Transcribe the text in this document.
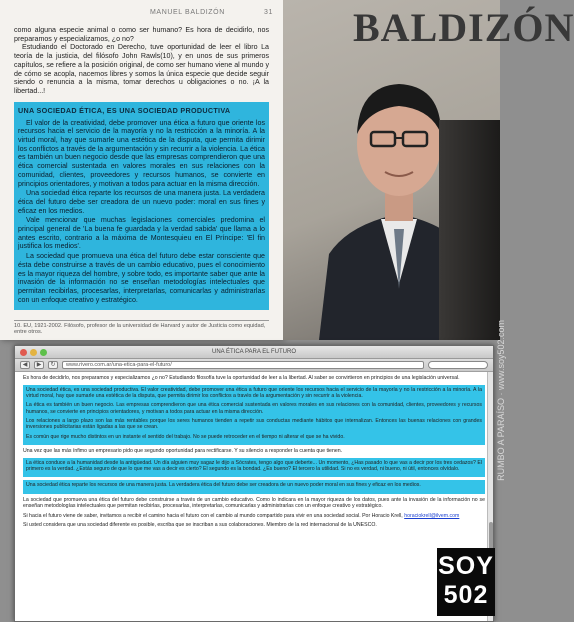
MANUEL BALDIZÓN	31

como alguna especie animal o como ser humano? Es hora de decidirlo, nos preparamos y especializamos, ¿o no?

Estudiando el Doctorado en Derecho, tuve oportunidad de leer el libro La teoría de la justicia, del filósofo John Rawls(10), y en unos de sus primeros capítulos, se refiere a la posición original, de como ser humano viene al mundo y de cómo se acopla, nacemos libres y somos la única especie que decide seguir siendo o renuncia a la misma, tomar derechos u obligaciones o no. ¡A la libertad...!

UNA SOCIEDAD ÉTICA, ES UNA SOCIEDAD PRODUCTIVA

El valor de la creatividad, debe promover una ética a futuro que oriente los recursos hacia el servicio de la mayoría y no la restricción a la minoría. A la virtud moral, hay que sumarle una estética de la disputa, que permita dirimir los conflictos a través de la argumentación y sin recurrir a la violencia. La ética es también un buen negocio desde que las empresas comprendieron que una ética comercial sustentada en valores morales en sus relaciones con la comunidad, clientes, proveedores y recursos humanos, se convierte en principios orientadores, y motivan a todos para actuar en la misma dirección.

Una sociedad ética reparte los recursos de una manera justa. La verdadera ética del futuro debe ser creadora de un nuevo poder: moral en sus fines y eficaz en los medios.

Vale mencionar que muchas legislaciones comerciales predomina el principal general de 'La buena fe guardada y la verdad sabida' que llama a lo antes escrito, contrario a la máxima de Montesquieu en El Príncipe: 'El fin justifica los medios'.

La sociedad que promueva una ética del futuro debe estar consciente que ésta debe construirse a través de un cambio educativo, pues el conocimiento es la mayor riqueza del hombre, y sobre todo, es importante saber que ante la invasión de la información no se enseñan metodologías intelectuales que permitan recibirlas, procesarlas, interpretarlas, comunicarlas y administrarlas con un enfoque creativo y estratégico.

10. EU, 1921-2002. Filósofo, profesor de la universidad de Harvard y autor de Justicia como equidad, entre otros.
BALDIZÓN
RUMBO A PARAÍSO · www.soy502.com
UNA ÉTICA PARA EL FUTURO
◀	▶	↻	www.rivero.com.ar/una-etica-para-el-futuro/

Es hora de decidirlo, nos preparamos y especializamos ¿o no? Estudiando filosofía tuve la oportunidad de leer a la libertad. Al saber se convirtieron en principios de una legislación universal.

Una sociedad ética, es una sociedad productiva. El valor creatividad, debe promover una ética a futuro que oriente los recursos hacia el servicio de la mayoría y no la restricción a la minoría. A la virtud moral, hay que sumarle una estética de la disputa, que permita dirimir los conflictos a través de la argumentación y sin recurrir a la violencia.

La ética es también un buen negocio. Las empresas comprendieron que una ética comercial sustentada en valores morales en sus relaciones con la comunidad, clientes, proveedores y recursos humanos, se convierte en principios orientadores, y motivan a todos para actuar en la misma dirección.

Los relaciones a largo plazo son las más rentables porque los seres humanos tienden a repetir sus conductas mediante hábitos que internalizan. Entonces las buenas relaciones con grandes inversiones publicitarias están ligadas a las que se crean.

Es común que rige mucho distintos en un instante el sentido del trabajo. No se puede retroceder en el tiempo ni alterar el que se ha vivido.

Una vez que las más ínfimo un empresario pido que segundo oportunidad para rectificarse. Y su silencio a responder la cuenta que tienen.

La ética conduce a la humanidad desde la antigüedad. Un día alguien muy sagaz le dijo a Sócrates, tengo algo que deberte... Un momento, ¿Has pasado lo que vas a decir por los tres cedazos? El primero es la verdad. ¿Estás seguro de que lo que me vas a decir es cierto? El segundo es la bondad. ¿Es bueno? El tercero la utilidad. Si no es verdad, ni bueno, ni útil, entonces olvídalo.

Una sociedad ética reparte los recursos de una manera justa. La verdadera ética del futuro debe ser creadora de un nuevo poder moral en sus fines y eficaz en los medios.

La sociedad que promueva una ética del futuro debe construirse a través de un cambio educativo. Como lo indicara en la mayor riqueza de los datos, pues ante la invasión de la información no se enseñan metodologías intelectuales que permitan recibirlas, procesarlas, interpretarlas, comunicarlas y administrarlas con un enfoque creativo y estratégico.

Si hacia el futuro viene de saber, invitamos a recibir el camino hacia el futuro con el cambio al mundo compartido para vivir en una sociedad social. Por Horacio Krell, horaciokrell@ilvem.com

Si usted considera que una sociedad diferente es posible, escriba que se inscriban a sus colaboraciones. Miembro de la red internacional de la UNESCO.

SOY
502
